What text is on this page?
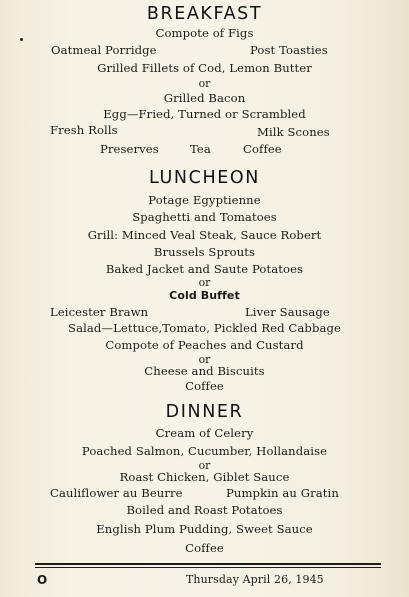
BREAKFAST
Compote of Figs
Oatmeal Porridge	Post Toasties
Grilled Fillets of Cod, Lemon Butter
or
Grilled Bacon
Egg—Fried, Turned or Scrambled
Fresh Rolls	Milk Scones
Preserves	Tea	Coffee
LUNCHEON
Potage Egyptienne
Spaghetti and Tomatoes
Grill: Minced Veal Steak, Sauce Robert
Brussels Sprouts
Baked Jacket and Saute Potatoes
or
Cold Buffet
Leicester Brawn	Liver Sausage
Salad—Lettuce,Tomato, Pickled Red Cabbage
Compote of Peaches and Custard
or
Cheese and Biscuits
Coffee
DINNER
Cream of Celery
Poached Salmon, Cucumber, Hollandaise
or
Roast Chicken, Giblet Sauce
Cauliflower au Beurre	Pumpkin au Gratin
Boiled and Roast Potatoes
English Plum Pudding, Sweet Sauce
Coffee
O	Thursday April 26, 1945
